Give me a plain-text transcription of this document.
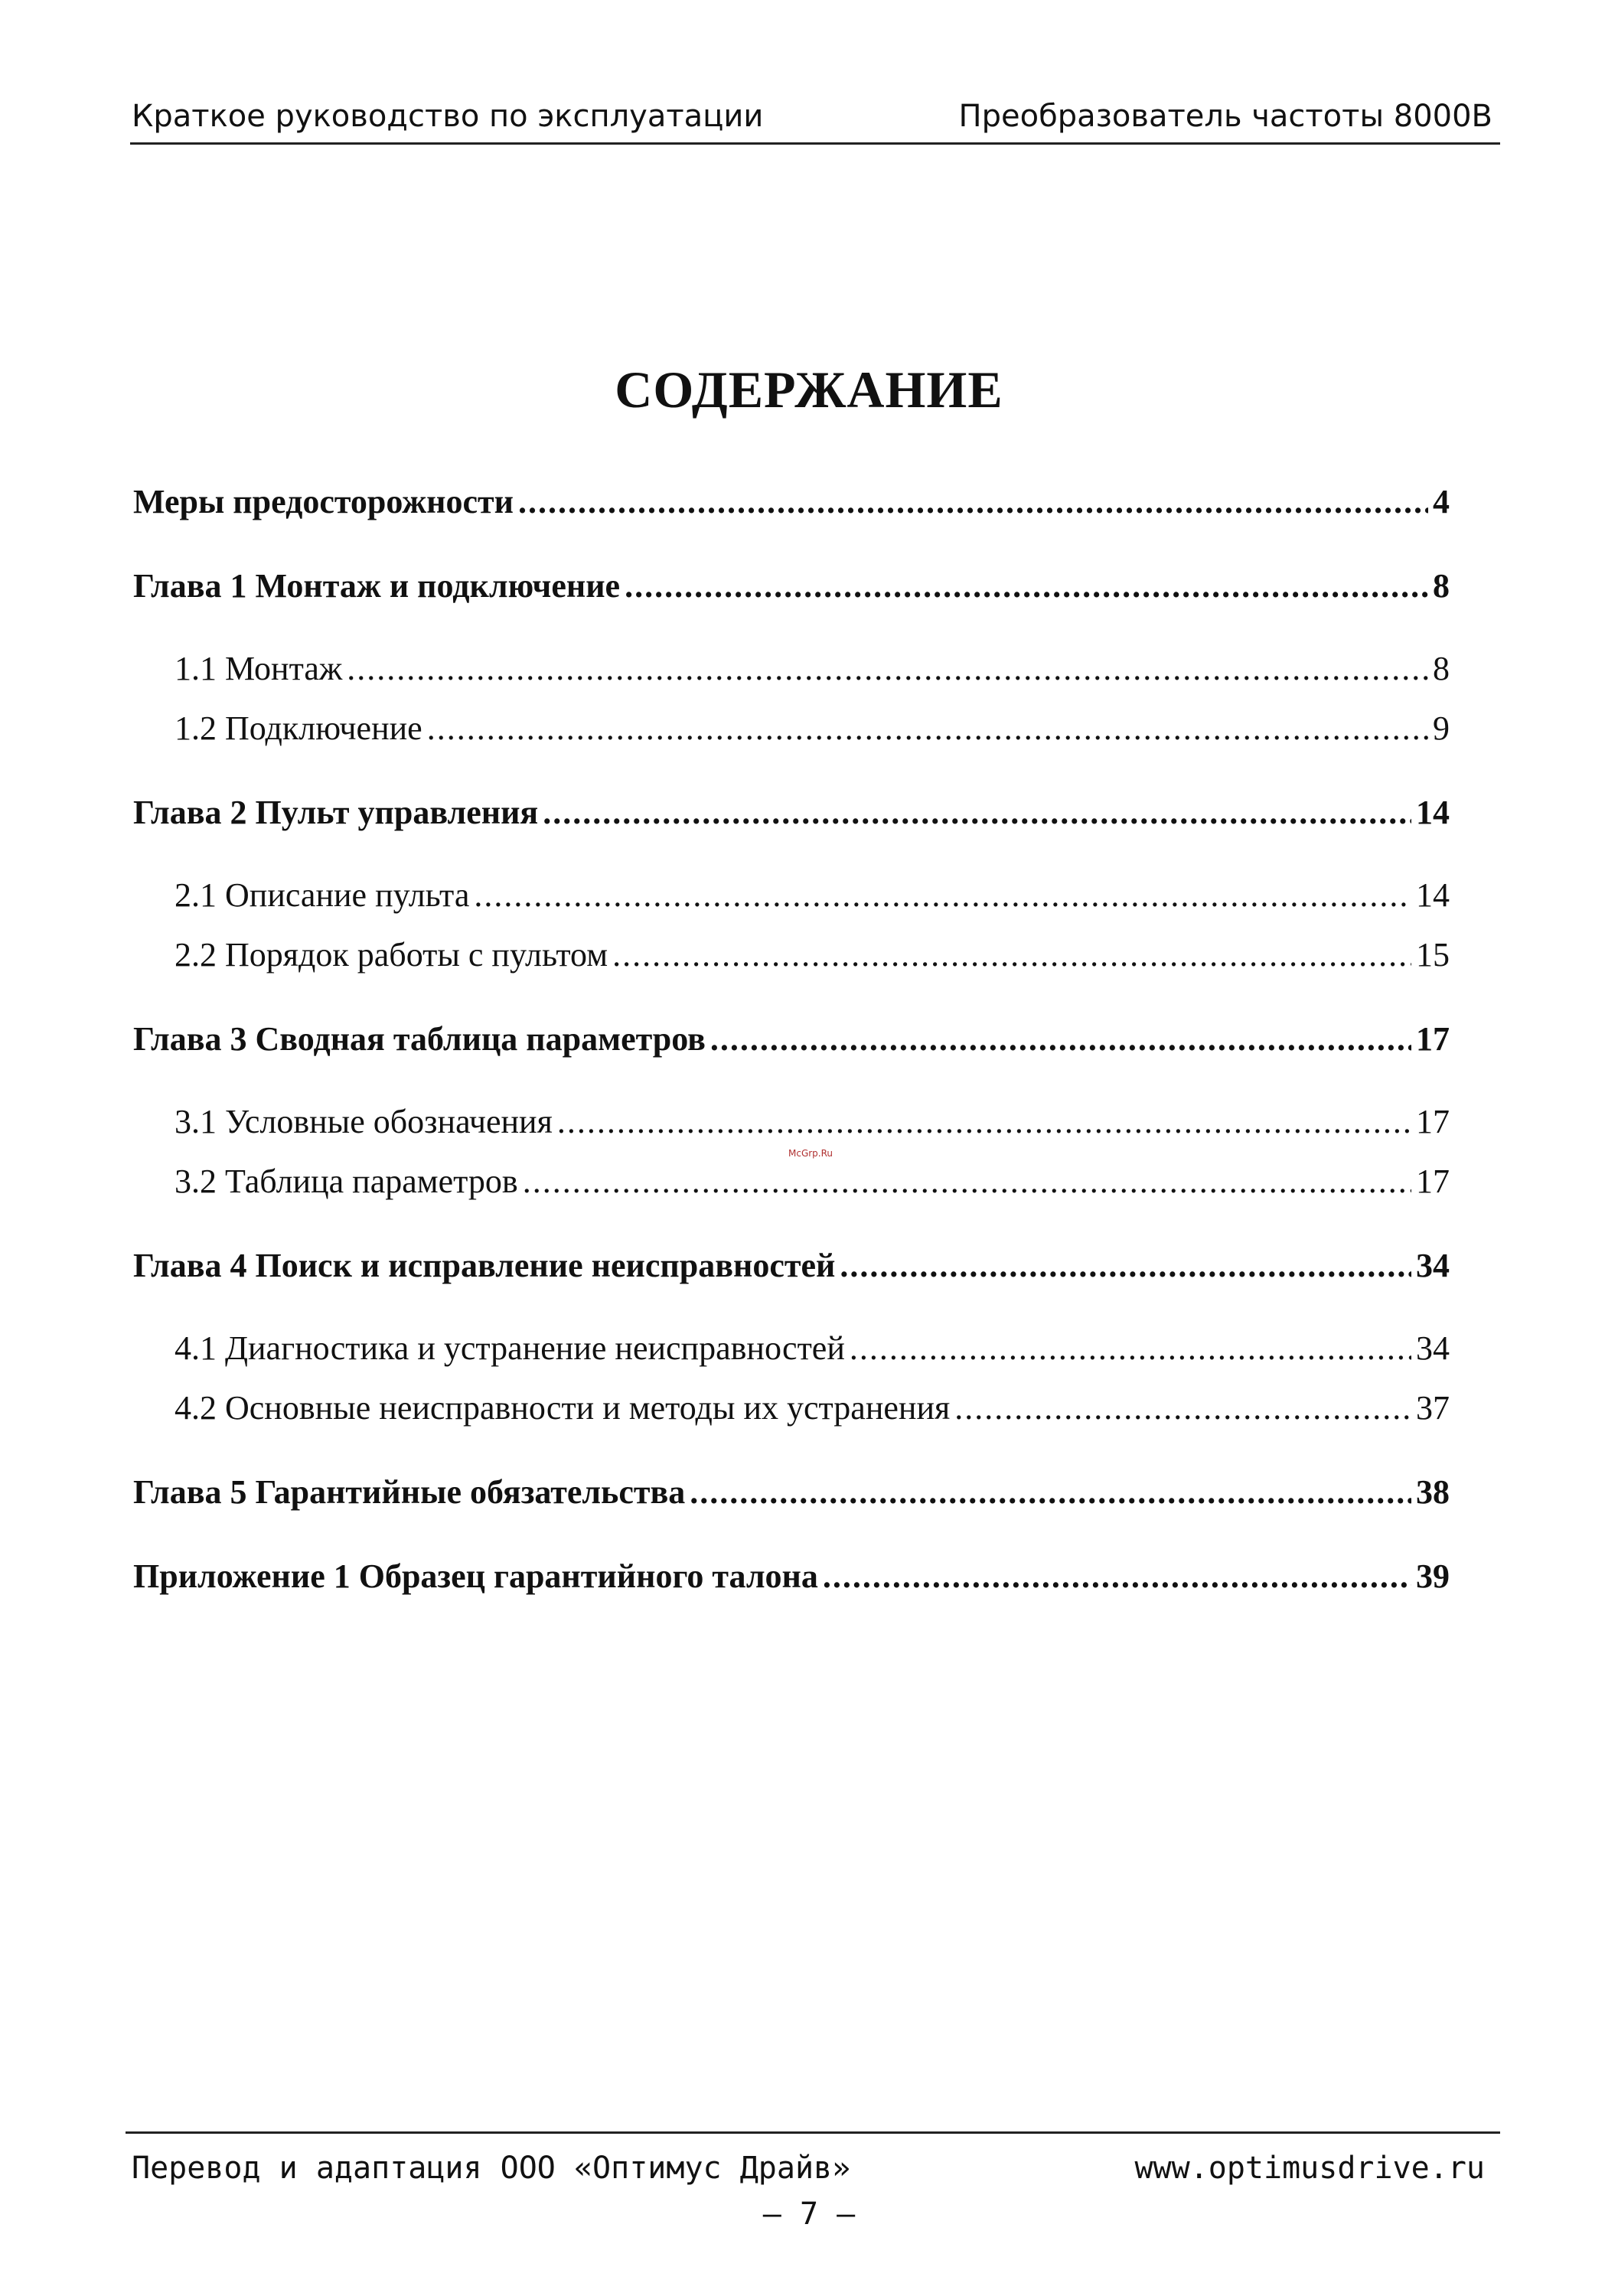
Краткое руководство по эксплуатации	Преобразователь частоты 8000B
СОДЕРЖАНИЕ
Меры предосторожности .....	4
Глава 1 Монтаж и подключение .....	8
1.1 Монтаж .....	8
1.2 Подключение .....	9
Глава 2 Пульт управления .....	14
2.1 Описание пульта .....	14
2.2 Порядок работы с пультом .....	15
Глава 3 Сводная таблица параметров .....	17
3.1 Условные обозначения .....	17
3.2 Таблица параметров .....	17
Глава 4 Поиск и исправление неисправностей .....	34
4.1 Диагностика и устранение неисправностей .....	34
4.2 Основные неисправности и методы их устранения .....	37
Глава 5 Гарантийные обязательства .....	38
Приложение 1 Образец гарантийного талона .....	39
McGrp.Ru
Перевод и адаптация ООО «Оптимус Драйв»	www.optimusdrive.ru
– 7 –
